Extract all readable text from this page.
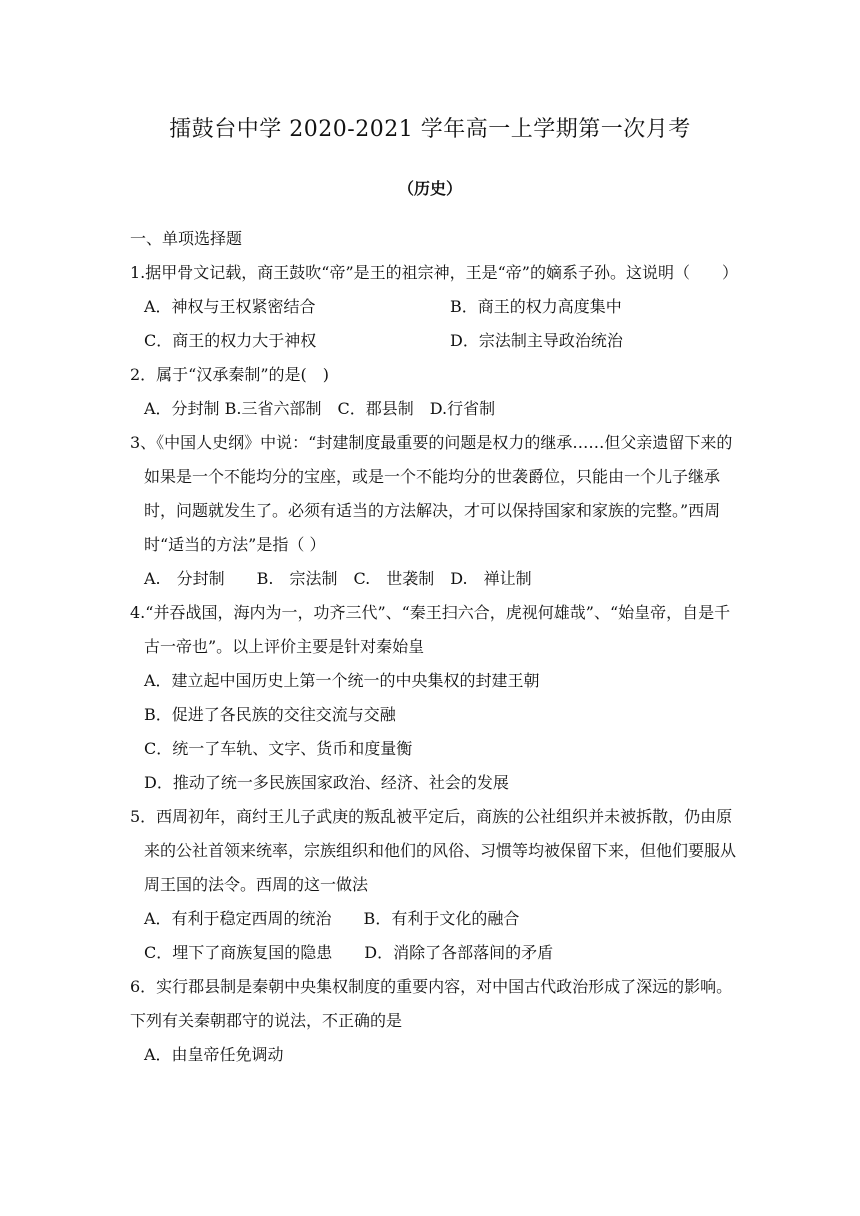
擂鼓台中学 2020-2021 学年高一上学期第一次月考
（历史）
一、单项选择题
1.据甲骨文记载，商王鼓吹“帝”是王的祖宗神，王是“帝”的嫡系子孙。这说明（　　）
A．神权与王权紧密结合	B．商王的权力高度集中
C．商王的权力大于神权	D．宗法制主导政治统治
2．属于“汉承秦制”的是(　)
A．分封制 B.三省六部制　C．郡县制　D.行省制
3、《中国人史纲》中说：“封建制度最重要的问题是权力的继承……但父亲遗留下来的如果是一个不能均分的宝座，或是一个不能均分的世袭爵位，只能由一个儿子继承时，问题就发生了。必须有适当的方法解决，才可以保持国家和家族的完整。”西周时“适当的方法”是指（ ）
A.　分封制　　B.　宗法制　C.　世袭制　D.　禅让制
4.“并吞战国，海内为一，功齐三代”、“秦王扫六合，虎视何雄哉”、“始皇帝，自是千古一帝也”。以上评价主要是针对秦始皇
A．建立起中国历史上第一个统一的中央集权的封建王朝
B．促进了各民族的交往交流与交融
C．统一了车轨、文字、货币和度量衡
D．推动了统一多民族国家政治、经济、社会的发展
5．西周初年，商纣王儿子武庚的叛乱被平定后，商族的公社组织并未被拆散，仍由原来的公社首领来统率，宗族组织和他们的风俗、习惯等均被保留下来，但他们要服从周王国的法令。西周的这一做法
A．有利于稳定西周的统治　　B．有利于文化的融合
C．埋下了商族复国的隐患　　D．消除了各部落间的矛盾
6．实行郡县制是秦朝中央集权制度的重要内容，对中国古代政治形成了深远的影响。下列有关秦朝郡守的说法，不正确的是
A．由皇帝任免调动
